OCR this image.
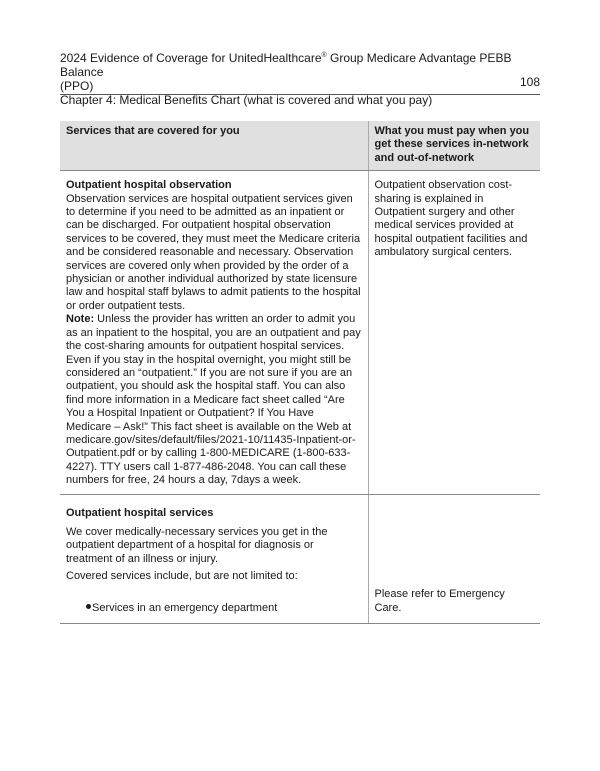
2024 Evidence of Coverage for UnitedHealthcare® Group Medicare Advantage PEBB Balance
(PPO)
Chapter 4: Medical Benefits Chart (what is covered and what you pay)
108
Services that are covered for you	What you must pay when you get these services in-network and out-of-network

Outpatient hospital observation

Observation services are hospital outpatient services given to determine if you need to be admitted as an inpatient or can be discharged. For outpatient hospital observation services to be covered, they must meet the Medicare criteria and be considered reasonable and necessary. Observation services are covered only when provided by the order of a physician or another individual authorized by state licensure law and hospital staff bylaws to admit patients to the hospital or order outpatient tests.

Note: Unless the provider has written an order to admit you as an inpatient to the hospital, you are an outpatient and pay the cost-sharing amounts for outpatient hospital services. Even if you stay in the hospital overnight, you might still be considered an “outpatient.” If you are not sure if you are an outpatient, you should ask the hospital staff. You can also find more information in a Medicare fact sheet called “Are You a Hospital Inpatient or Outpatient? If You Have Medicare – Ask!” This fact sheet is available on the Web at medicare.gov/sites/default/files/2021-10/11435-Inpatient-or-Outpatient.pdf or by calling 1-800-MEDICARE (1-800-633-4227). TTY users call 1-877-486-2048. You can call these numbers for free, 24 hours a day, 7days a week.	Outpatient observation cost-sharing is explained in Outpatient surgery and other medical services provided at hospital outpatient facilities and ambulatory surgical centers.

Outpatient hospital services

We cover medically-necessary services you get in the outpatient department of a hospital for diagnosis or treatment of an illness or injury.

Covered services include, but are not limited to:

Services in an emergency department	Please refer to Emergency Care.
